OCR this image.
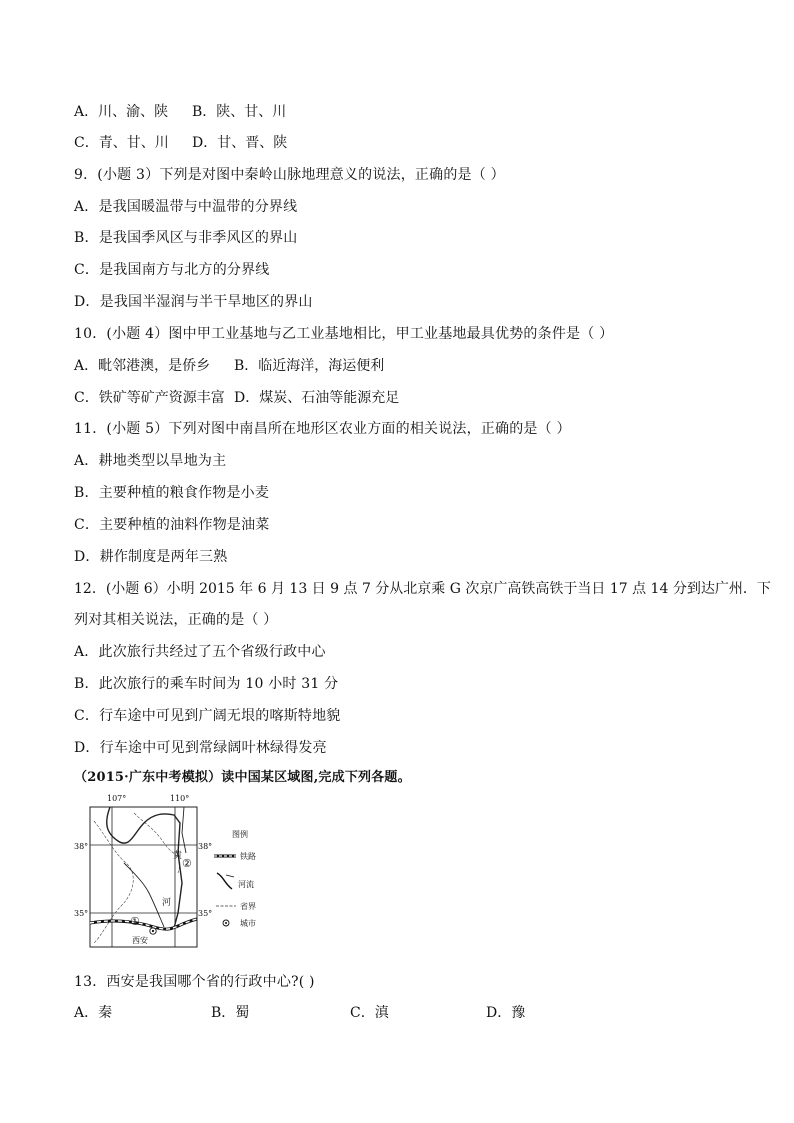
A．川、渝、陕 B．陕、甘、川
C．青、甘、川 D．甘、晋、陕
9．(小题 3）下列是对图中秦岭山脉地理意义的说法，正确的是（ ）
A．是我国暖温带与中温带的分界线
B．是我国季风区与非季风区的界山
C．是我国南方与北方的分界线
D．是我国半湿润与半干旱地区的界山
10．(小题 4）图中甲工业基地与乙工业基地相比，甲工业基地最具优势的条件是（ ）
A．毗邻港澳，是侨乡 B．临近海洋，海运便利
C．铁矿等矿产资源丰富 D．煤炭、石油等能源充足
11．(小题 5）下列对图中南昌所在地形区农业方面的相关说法，正确的是（ ）
A．耕地类型以旱地为主
B．主要种植的粮食作物是小麦
C．主要种植的油料作物是油菜
D．耕作制度是两年三熟
12．(小题 6）小明 2015 年 6 月 13 日 9 点 7 分从北京乘 G 次京广高铁高铁于当日 17 点 14 分到达广州．下
列对其相关说法，正确的是（ ）
A．此次旅行共经过了五个省级行政中心
B．此次旅行的乘车时间为 10 小时 31 分
C．行车途中可见到广阔无垠的喀斯特地貌
D．行车途中可见到常绿阔叶林绿得发亮
（2015·广东中考模拟）读中国某区域图,完成下列各题。
107°	110°
38°
35°
38°
35°
黄
河
②
①
西安
图例
铁路
河流
省界
城市
13．西安是我国哪个省的行政中心?( )
A．秦	B．蜀	C．滇	D．豫
